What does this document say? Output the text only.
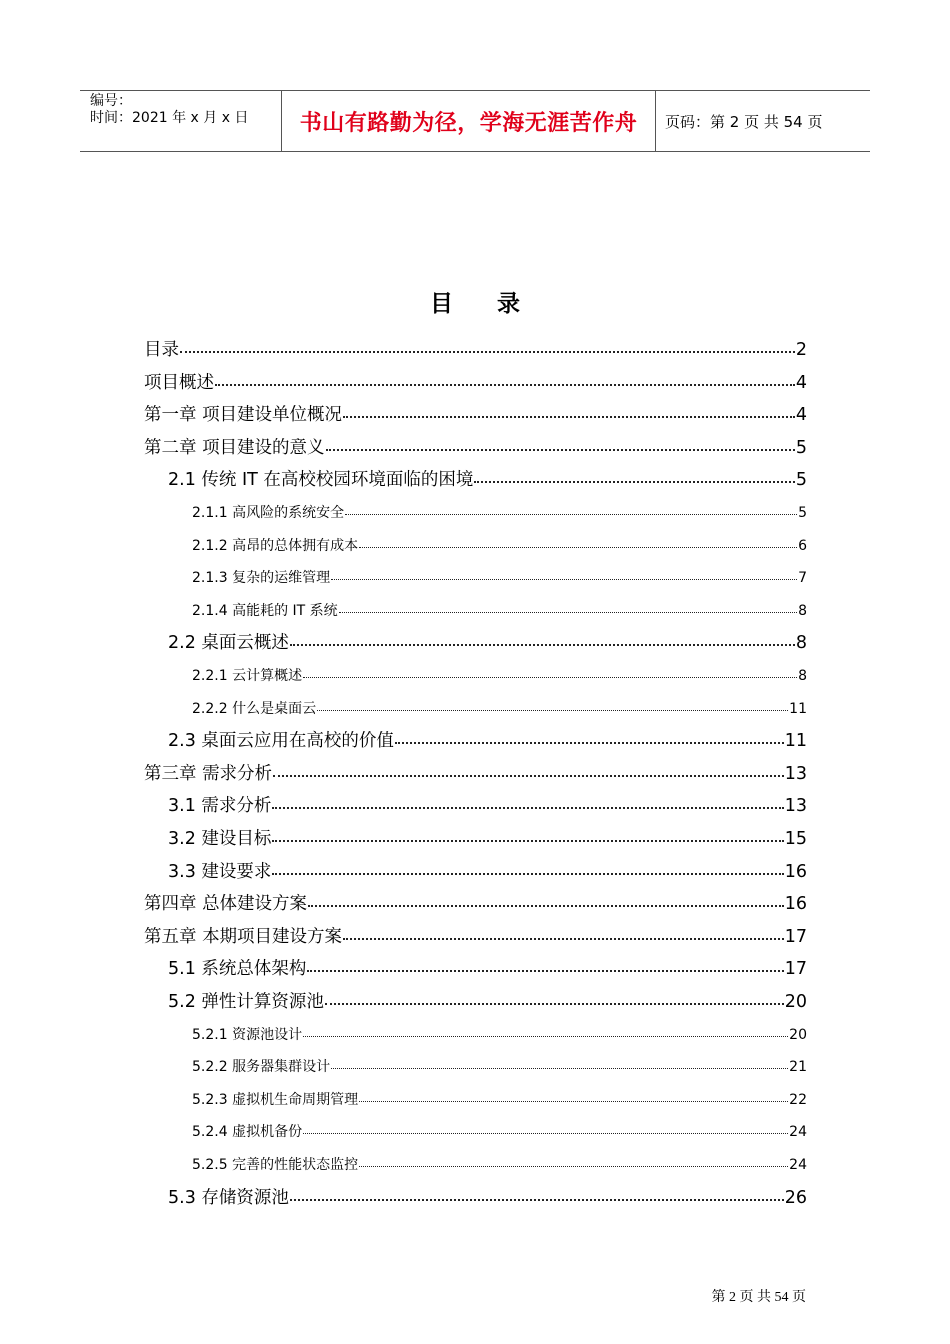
编号：
时间：2021 年 x 月 x 日 书山有路勤为径，学海无涯苦作舟 页码：第 2 页 共 54 页
目 录
目录	2
项目概述	4
第一章 项目建设单位概况	4
第二章 项目建设的意义	5
2.1 传统 IT 在高校校园环境面临的困境	5
2.1.1 高风险的系统安全	5
2.1.2 高昂的总体拥有成本	6
2.1.3 复杂的运维管理	7
2.1.4 高能耗的 IT 系统	8
2.2 桌面云概述	8
2.2.1 云计算概述	8
2.2.2 什么是桌面云	11
2.3 桌面云应用在高校的价值	11
第三章 需求分析	13
3.1 需求分析	13
3.2 建设目标	15
3.3 建设要求	16
第四章 总体建设方案	16
第五章 本期项目建设方案	17
5.1 系统总体架构	17
5.2 弹性计算资源池	20
5.2.1 资源池设计	20
5.2.2 服务器集群设计	21
5.2.3 虚拟机生命周期管理	22
5.2.4 虚拟机备份	24
5.2.5 完善的性能状态监控	24
5.3 存储资源池	26
第 2 页 共 54 页
